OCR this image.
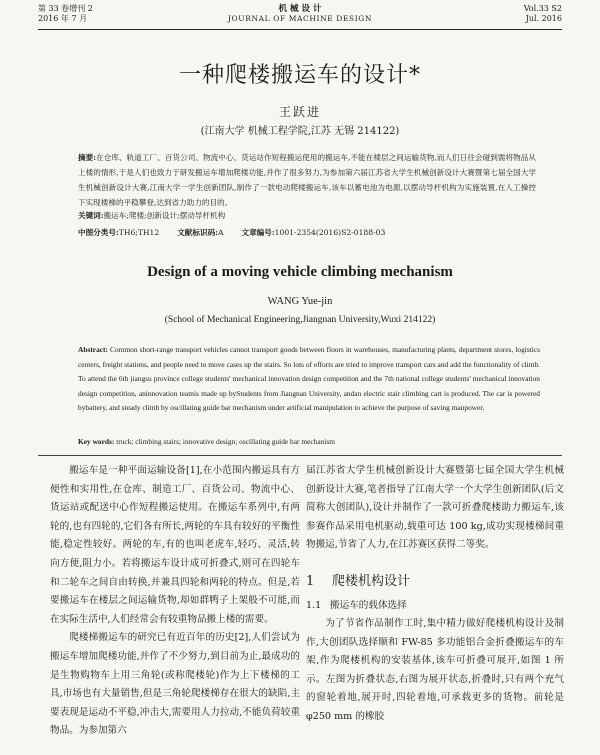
第 33 卷增刊 2
2016 年 7 月
机 械 设 计
JOURNAL OF MACHINE DESIGN
Vol.33 S2
Jul. 2016
一种爬楼搬运车的设计*
王跃进
(江南大学 机械工程学院,江苏 无锡 214122)
摘要:在仓库、轨道工厂、百货公司、物流中心、货运站作短程搬运使用的搬运车,不能在楼层之间运输货物,而人们日往会碰到需将物品从上楼的情形,于是人们也致力于研发搬运车增加爬楼功能,并作了很多努力,为参加第六届江苏省大学生机械创新设计大赛暨第七届全国大学生机械创新设计大赛,江南大学一学生创新团队,制作了一款电动爬楼搬运车,该车以蓄电池为电源,以摆动导杆机构为实施装置,在人工操控下实现楼梯的平稳攀登,达到省力助力的目的。
关键词:搬运车;爬楼;创新设计;摆动导杆机构
中图分类号:TH6;TH12 文献标识码:A 文章编号:1001-2354(2016)S2-0188-03
Design of a moving vehicle climbing mechanism
WANG Yue-jin
(School of Mechanical Engineering,Jiangnan University,Wuxi 214122)
Abstract: Common short-range transport vehicles cannot transport goods between floors in warehouses, manufacturing plants, department stores, logistics centers, freight stations, and people need to move cases up the stairs. So lots of efforts are tried to improve transport cars and add the functionality of climb. To attend the 6th jiangsu province college students' mechanical innovation design competition and the 7th national college students' mechanical innovation design competition, aninnovation teamis made up byStudents from Jiangnan University, andan electric stair climbing cart is produced. The car is powered bybattery, and steady climb by oscillating guide bar mechanism under artificial manipulation to achieve the purpose of saving manpower.
Key words: truck; climbing stairs; innovative design; oscillating guide bar mechanism

搬运车是一种平面运输设备[1],在小范围内搬运具有方便性和实用性,在仓库、制造工厂、百货公司、物流中心、货运站或配送中心作短程搬运使用。在搬运车系列中,有两轮的,也有四轮的,它们各有所长,两轮的车具有较好的平衡性能,稳定性较好。两轮的车,有的也叫老虎车,轻巧、灵活,转向方便,阻力小。若将搬运车设计成可折叠式,则可在四轮车和二轮车之间自由转换,并兼具四轮和两轮的特点。但是,若要搬运车在楼层之间运输货物,却如群鸭子上架般不可能,而在实际生活中,人们经常会有较重物品搬上楼的需要。

爬楼梯搬运车的研究已有近百年的历史[2],人们尝试为搬运车增加爬楼功能,并作了不少努力,到目前为止,最成功的是生物购物车上用三角轮(或称爬楼轮)作为上下楼梯的工具,市场也有大量销售,但是三角轮爬楼梯存在很大的缺陷,主要表现是运动不平稳,冲击大,需要用人力拉动,不能负荷较重物品。为参加第六

届江苏省大学生机械创新设计大赛暨第七届全国大学生机械创新设计大赛,笔者指导了江南大学一个大学生创新团队(后文简称大创团队),设计并制作了一款可折叠爬楼助力搬运车,该参赛作品采用电机驱动,载重可达 100 kg,成功实现楼梯间重物搬运,节省了人力,在江苏赛区获得二等奖。

1 爬楼机构设计
1.1 搬运车的载体选择

为了节省作品制作工时,集中精力做好爬楼机构设计及制作,大创团队选择顺和 FW-85 多功能铝合金折叠搬运车的车架,作为爬楼机构的安装基体,该车可折叠可展开,如图 1 所示。左图为折叠状态,右图为展开状态,折叠时,只有两个充气的窗轮着地,展开时,四轮着地,可承载更多的货物。前轮是 φ250 mm 的橡胶
